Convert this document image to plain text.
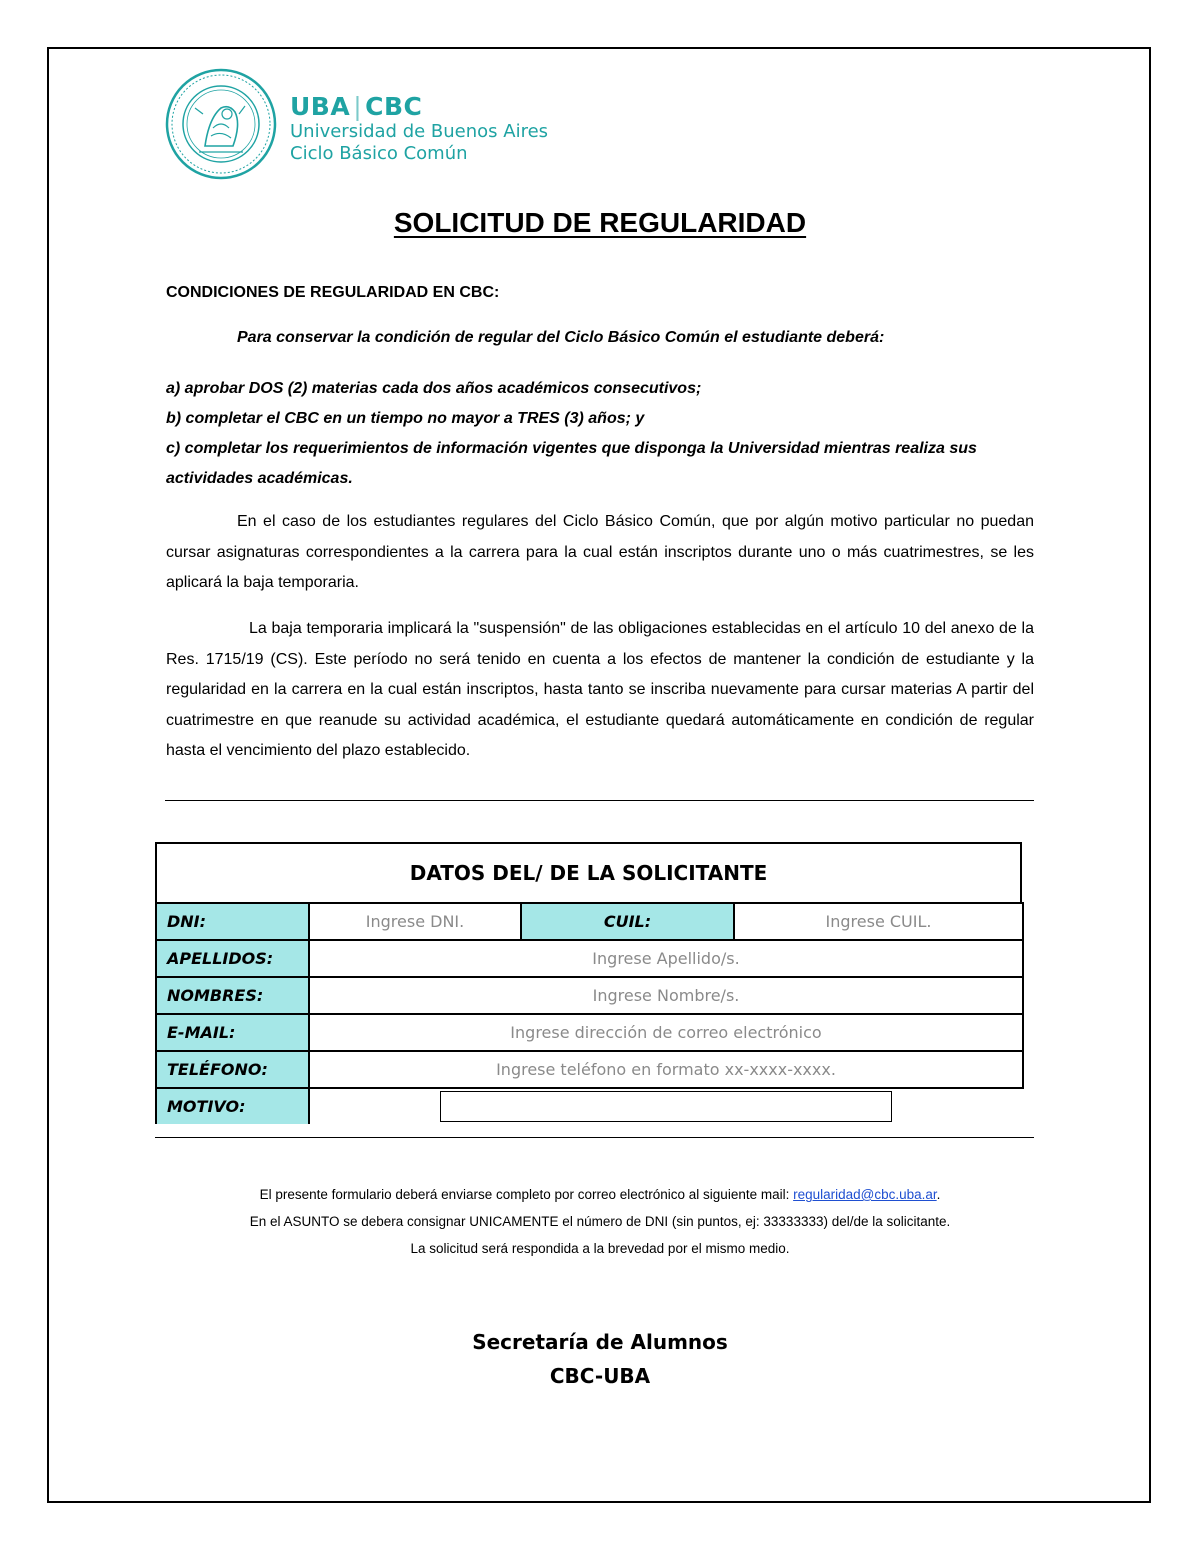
UBA | CBC
Universidad de Buenos Aires
Ciclo Básico Común
SOLICITUD DE REGULARIDAD
CONDICIONES DE REGULARIDAD EN CBC:
Para conservar la condición de regular del Ciclo Básico Común el estudiante deberá:
a) aprobar DOS (2) materias cada dos años académicos consecutivos;
b) completar el CBC en un tiempo no mayor a TRES (3) años; y
c) completar los requerimientos de información vigentes que disponga la Universidad mientras realiza sus actividades académicas.
En el caso de los estudiantes regulares del Ciclo Básico Común, que por algún motivo particular no puedan cursar asignaturas correspondientes a la carrera para la cual están inscriptos durante uno o más cuatrimestres, se les aplicará la baja temporaria.
La baja temporaria implicará la "suspensión" de las obligaciones establecidas en el artículo 10 del anexo de la Res. 1715/19 (CS). Este período no será tenido en cuenta a los efectos de mantener la condición de estudiante y la regularidad en la carrera en la cual están inscriptos, hasta tanto se inscriba nuevamente para cursar materias A partir del cuatrimestre en que reanude su actividad académica, el estudiante quedará automáticamente en condición de regular hasta el vencimiento del plazo establecido.
DATOS DEL/ DE LA SOLICITANTE
DNI:	Ingrese DNI.	CUIL:	Ingrese CUIL.
APELLIDOS:	Ingrese Apellido/s.		
NOMBRES:	Ingrese Nombre/s.		
E-MAIL:	Ingrese dirección de correo electrónico		
TELÉFONO:	Ingrese teléfono en formato xx-xxxx-xxxx.		
MOTIVO:			
El presente formulario deberá enviarse completo por correo electrónico al siguiente mail: regularidad@cbc.uba.ar.
En el ASUNTO se debera consignar UNICAMENTE el número de DNI (sin puntos, ej: 33333333) del/de la solicitante.
La solicitud será respondida a la brevedad por el mismo medio.
Secretaría de Alumnos
CBC-UBA
